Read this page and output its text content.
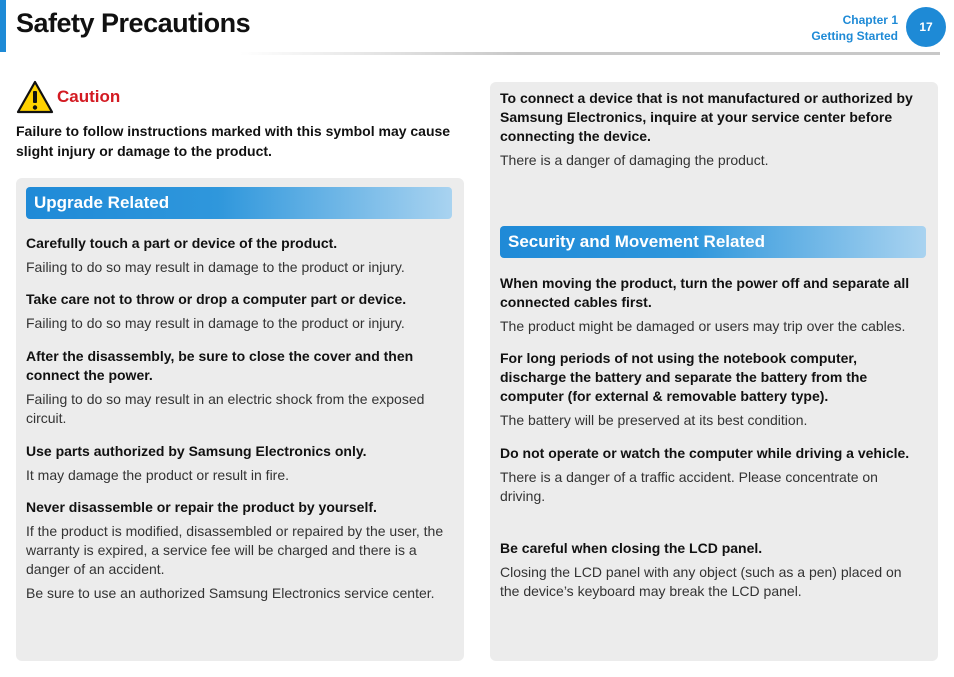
Safety Precautions	Chapter 1
Getting Started
17
Caution
Failure to follow instructions marked with this symbol may cause slight injury or damage to the product.
Upgrade Related
Carefully touch a part or device of the product.
Failing to do so may result in damage to the product or injury.
Take care not to throw or drop a computer part or device.
Failing to do so may result in damage to the product or injury.
After the disassembly, be sure to close the cover and then connect the power.
Failing to do so may result in an electric shock from the exposed circuit.
Use parts authorized by Samsung Electronics only.
It may damage the product or result in fire.
Never disassemble or repair the product by yourself.
If the product is modified, disassembled or repaired by the user, the warranty is expired, a service fee will be charged and there is a danger of an accident.
Be sure to use an authorized Samsung Electronics service center.
To connect a device that is not manufactured or authorized by Samsung Electronics, inquire at your service center before connecting the device.
There is a danger of damaging the product.
Security and Movement Related
When moving the product, turn the power off and separate all connected cables first.
The product might be damaged or users may trip over the cables.
For long periods of not using the notebook computer, discharge the battery and separate the battery from the computer (for external & removable battery type).
The battery will be preserved at its best condition.
Do not operate or watch the computer while driving a vehicle.
There is a danger of a traffic accident. Please concentrate on driving.
Be careful when closing the LCD panel.
Closing the LCD panel with any object (such as a pen) placed on the device’s keyboard may break the LCD panel.
